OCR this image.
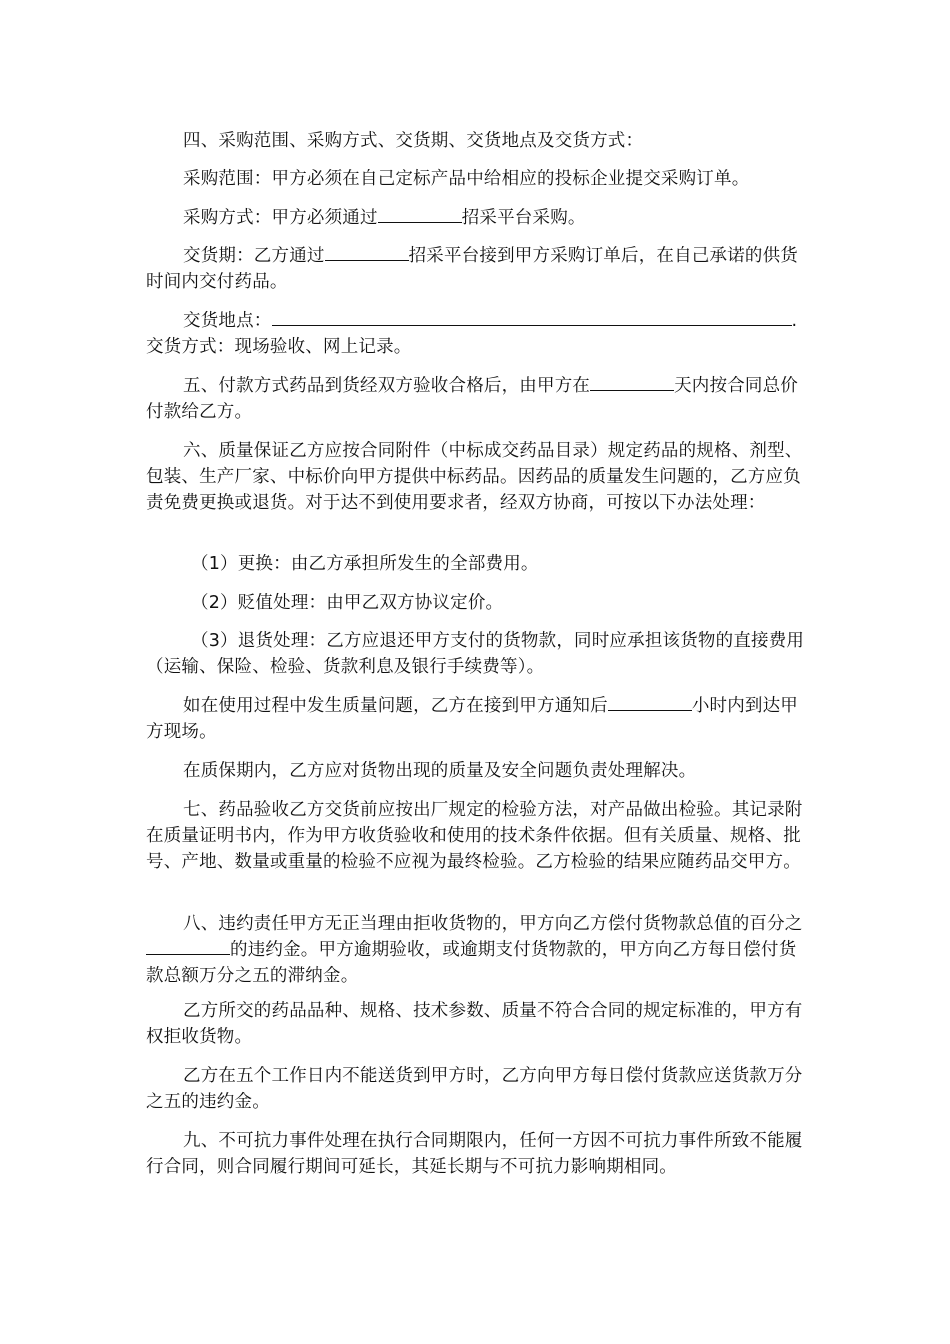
四、采购范围、采购方式、交货期、交货地点及交货方式：

采购范围：甲方必须在自己定标产品中给相应的投标企业提交采购订单。

采购方式：甲方必须通过	招采平台采购。

交货期：乙方通过	招采平台接到甲方采购订单后，在自己承诺的供货时间内交付药品。

交货地点：	.

交货方式：现场验收、网上记录。

五、付款方式药品到货经双方验收合格后，由甲方在	天内按合同总价付款给乙方。

六、质量保证乙方应按合同附件（中标成交药品目录）规定药品的规格、剂型、包装、生产厂家、中标价向甲方提供中标药品。因药品的质量发生问题的，乙方应负责免费更换或退货。对于达不到使用要求者，经双方协商，可按以下办法处理：

（1）更换：由乙方承担所发生的全部费用。

（2）贬值处理：由甲乙双方协议定价。

（3）退货处理：乙方应退还甲方支付的货物款，同时应承担该货物的直接费用（运输、保险、检验、货款利息及银行手续费等）。

如在使用过程中发生质量问题，乙方在接到甲方通知后	小时内到达甲方现场。

在质保期内，乙方应对货物出现的质量及安全问题负责处理解决。

七、药品验收乙方交货前应按出厂规定的检验方法，对产品做出检验。其记录附在质量证明书内，作为甲方收货验收和使用的技术条件依据。但有关质量、规格、批号、产地、数量或重量的检验不应视为最终检验。乙方检验的结果应随药品交甲方。

八、违约责任甲方无正当理由拒收货物的，甲方向乙方偿付货物款总值的百分之的违约金。甲方逾期验收，或逾期支付货物款的，甲方向乙方每日偿付货款总额万分之五的滞纳金。

乙方所交的药品品种、规格、技术参数、质量不符合合同的规定标准的，甲方有权拒收货物。

乙方在五个工作日内不能送货到甲方时，乙方向甲方每日偿付货款应送货款万分之五的违约金。

九、不可抗力事件处理在执行合同期限内，任何一方因不可抗力事件所致不能履行合同，则合同履行期间可延长，其延长期与不可抗力影响期相同。
